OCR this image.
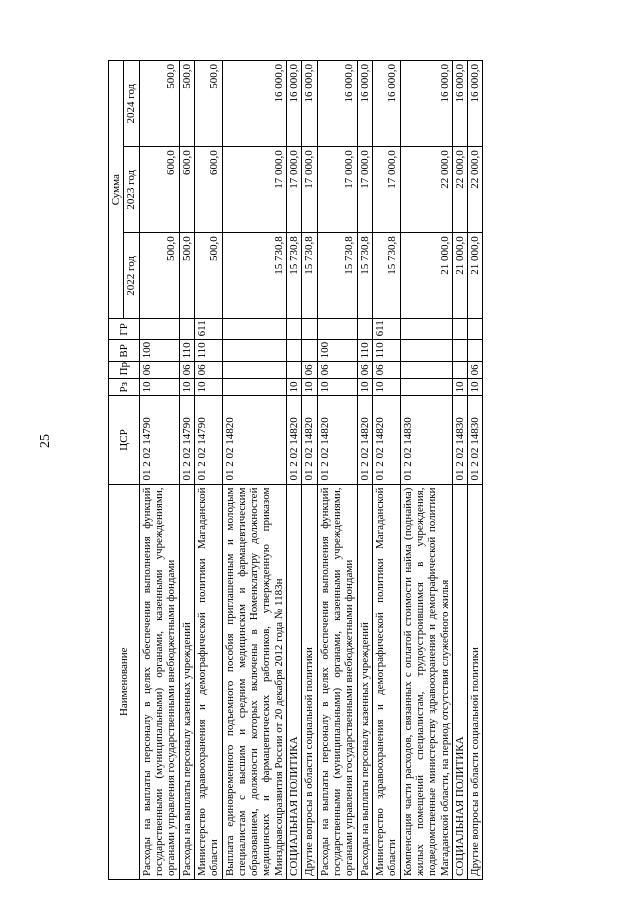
25
Наименование	ЦСР	Рз	Пр	ВР	ГР	Сумма		
						2022 год	2023 год	2024 год
Расходы на выплаты персоналу в целях обеспечения выполнения функций государственными (муниципальными) органами, казенными учреждениями, органами управления государственными внебюджетными фондами	01 2 02 14790	10	06	100		500,0	600,0	500,0
Расходы на выплаты персоналу казенных учреждений	01 2 02 14790	10	06	110		500,0	600,0	500,0
Министерство здравоохранения и демографической политики Магаданской области	01 2 02 14790	10	06	110	611	500,0	600,0	500,0
Выплата единовременного подъемного пособия приглашенным и молодым специалистам с высшим и средним медицинским и фармацевтическим образованием, должности которых включены в Номенклатуру должностей медицинских и фармацевтических работников, утвержденную приказом Минздравсоцразвития России от 20 декабря 2012 года № 1183н	01 2 02 14820					15 730,8	17 000,0	16 000,0
СОЦИАЛЬНАЯ ПОЛИТИКА	01 2 02 14820	10				15 730,8	17 000,0	16 000,0
Другие вопросы в области социальной политики	01 2 02 14820	10	06			15 730,8	17 000,0	16 000,0
Расходы на выплаты персоналу в целях обеспечения выполнения функций государственными (муниципальными) органами, казенными учреждениями, органами управления государственными внебюджетными фондами	01 2 02 14820	10	06	100		15 730,8	17 000,0	16 000,0
Расходы на выплаты персоналу казенных учреждений	01 2 02 14820	10	06	110		15 730,8	17 000,0	16 000,0
Министерство здравоохранения и демографической политики Магаданской области	01 2 02 14820	10	06	110	611	15 730,8	17 000,0	16 000,0
Компенсация части расходов, связанных с оплатой стоимости найма (поднайма) жилых помещений специалистам, трудоустроившимся в учреждения, подведомственные министерству здравоохранения и демографической политики Магаданской области, на период отсутствия служебного жилья	01 2 02 14830					21 000,0	22 000,0	16 000,0
СОЦИАЛЬНАЯ ПОЛИТИКА	01 2 02 14830	10				21 000,0	22 000,0	16 000,0
Другие вопросы в области социальной политики	01 2 02 14830	10	06			21 000,0	22 000,0	16 000,0
